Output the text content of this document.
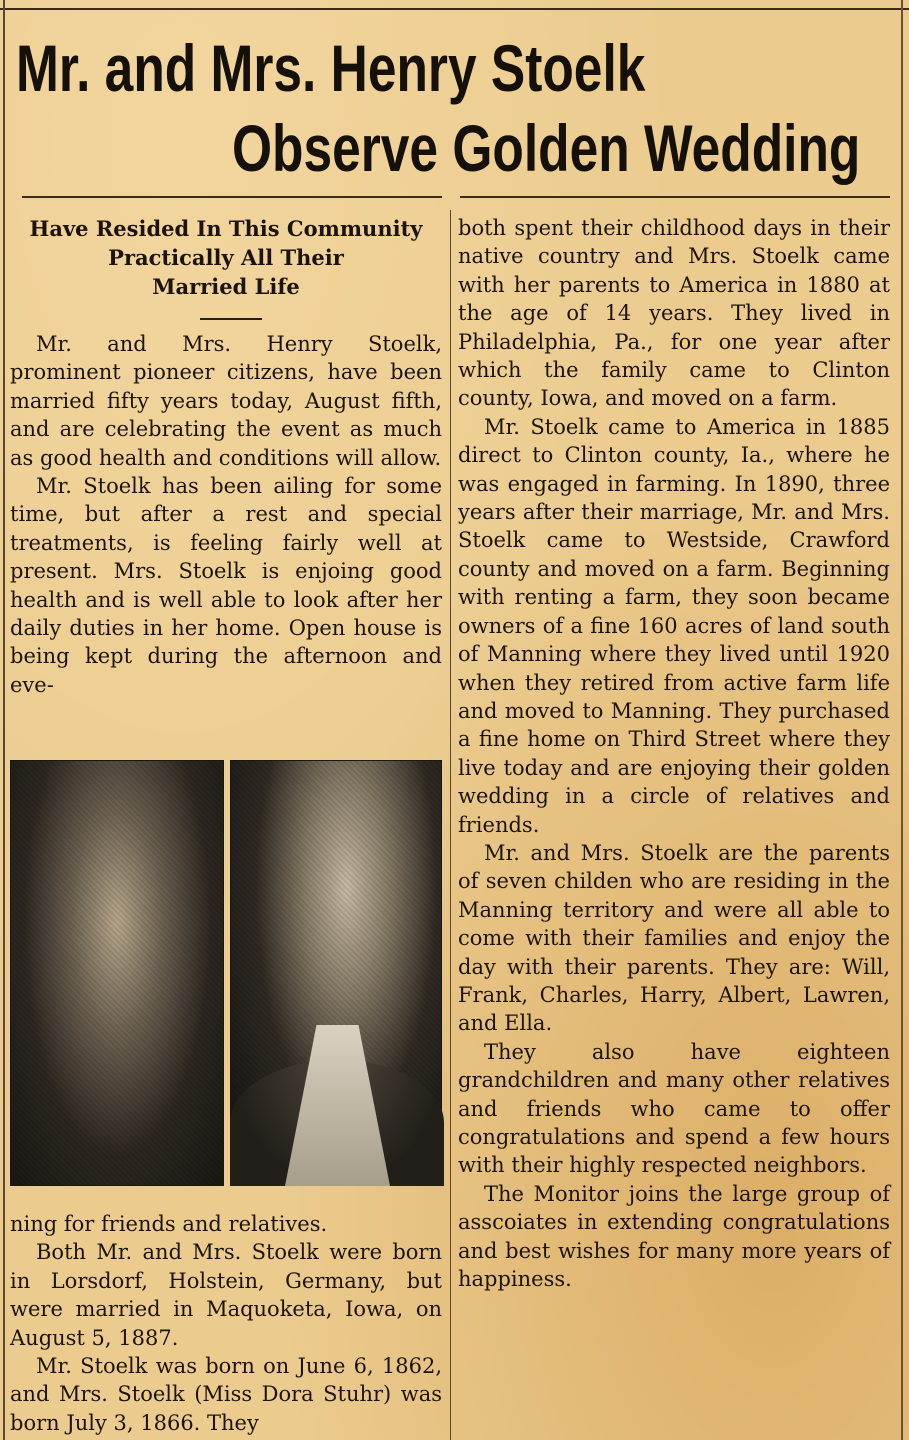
Mr. and Mrs. Henry Stoelk
Observe Golden Wedding
Have Resided In This Community
Practically All Their
Married Life

Mr. and Mrs. Henry Stoelk, prominent pioneer citizens, have been married fifty years today, August fifth, and are celebrating the event as much as good health and conditions will allow.

Mr. Stoelk has been ailing for some time, but after a rest and special treatments, is feeling fairly well at present. Mrs. Stoelk is enjoing good health and is well able to look after her daily duties in her home. Open house is being kept during the afternoon and eve-

ning for friends and relatives.

Both Mr. and Mrs. Stoelk were born in Lorsdorf, Holstein, Germany, but were married in Maquoketa, Iowa, on August 5, 1887.

Mr. Stoelk was born on June 6, 1862, and Mrs. Stoelk (Miss Dora Stuhr) was born July 3, 1866. They

both spent their childhood days in their native country and Mrs. Stoelk came with her parents to America in 1880 at the age of 14 years. They lived in Philadelphia, Pa., for one year after which the family came to Clinton county, Iowa, and moved on a farm.

Mr. Stoelk came to America in 1885 direct to Clinton county, Ia., where he was engaged in farming. In 1890, three years after their marriage, Mr. and Mrs. Stoelk came to Westside, Crawford county and moved on a farm. Beginning with renting a farm, they soon became owners of a fine 160 acres of land south of Manning where they lived until 1920 when they retired from active farm life and moved to Manning. They purchased a fine home on Third Street where they live today and are enjoying their golden wedding in a circle of relatives and friends.

Mr. and Mrs. Stoelk are the parents of seven childen who are residing in the Manning territory and were all able to come with their families and enjoy the day with their parents. They are: Will, Frank, Charles, Harry, Albert, Lawren, and Ella.

They also have eighteen grandchildren and many other relatives and friends who came to offer congratulations and spend a few hours with their highly respected neighbors.

The Monitor joins the large group of asscoiates in extending congratulations and best wishes for many more years of happiness.
